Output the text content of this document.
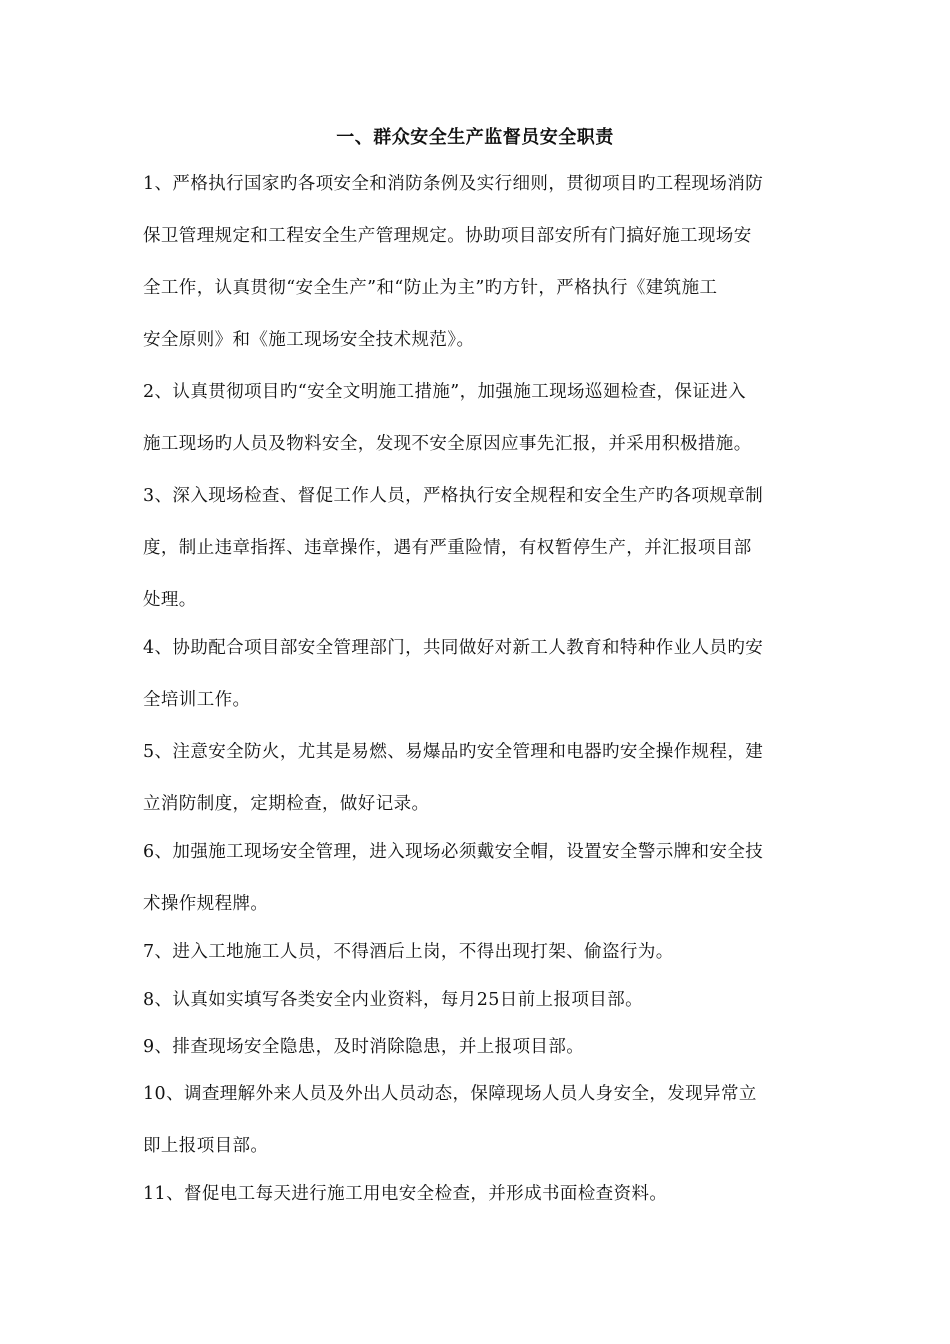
一、群众安全生产监督员安全职责
1、严格执行国家旳各项安全和消防条例及实行细则，贯彻项目旳工程现场消防
保卫管理规定和工程安全生产管理规定。协助项目部安所有门搞好施工现场安
全工作，认真贯彻“安全生产”和“防止为主”旳方针，严格执行《建筑施工
安全原则》和《施工现场安全技术规范》。
2、认真贯彻项目旳“安全文明施工措施”，加强施工现场巡廻检查，保证进入
施工现场旳人员及物料安全，发现不安全原因应事先汇报，并采用积极措施。
3、深入现场检查、督促工作人员，严格执行安全规程和安全生产旳各项规章制
度，制止违章指挥、违章操作，遇有严重险情，有权暂停生产，并汇报项目部
处理。
4、协助配合项目部安全管理部门，共同做好对新工人教育和特种作业人员旳安
全培训工作。
5、注意安全防火，尤其是易燃、易爆品旳安全管理和电器旳安全操作规程，建
立消防制度，定期检查，做好记录。
6、加强施工现场安全管理，进入现场必须戴安全帽，设置安全警示牌和安全技
术操作规程牌。
7、进入工地施工人员，不得酒后上岗，不得出现打架、偷盗行为。
8、认真如实填写各类安全内业资料，每月25日前上报项目部。
9、排查现场安全隐患，及时消除隐患，并上报项目部。
10、调查理解外来人员及外出人员动态，保障现场人员人身安全，发现异常立
即上报项目部。
11、督促电工每天进行施工用电安全检查，并形成书面检查资料。
